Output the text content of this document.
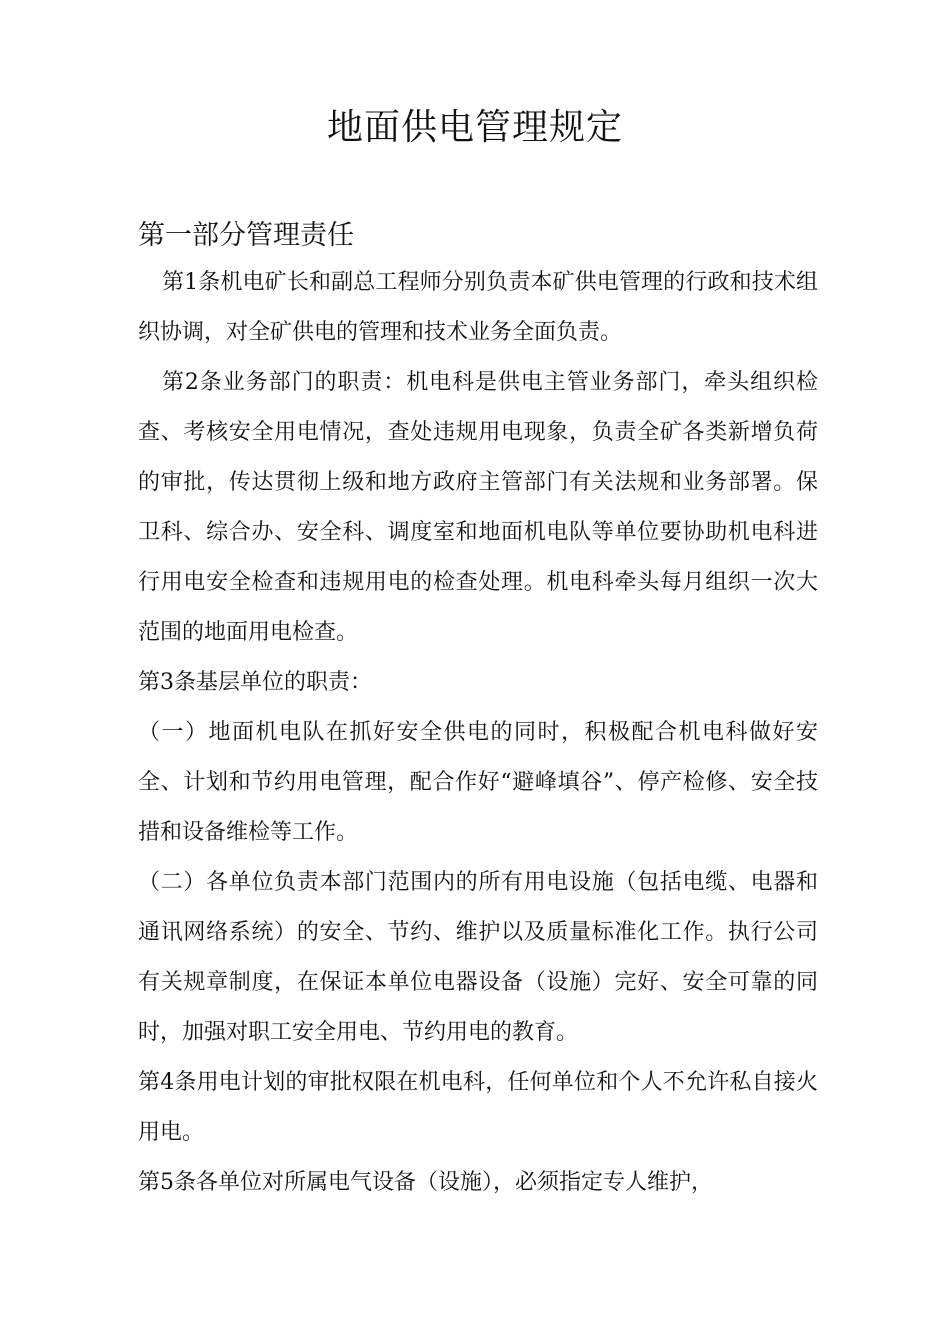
地面供电管理规定
第一部分管理责任

第1条机电矿长和副总工程师分别负责本矿供电管理的行政和技术组织协调，对全矿供电的管理和技术业务全面负责。

第2条业务部门的职责：机电科是供电主管业务部门，牵头组织检查、考核安全用电情况，查处违规用电现象，负责全矿各类新增负荷的审批，传达贯彻上级和地方政府主管部门有关法规和业务部署。保卫科、综合办、安全科、调度室和地面机电队等单位要协助机电科进行用电安全检查和违规用电的检查处理。机电科牵头每月组织一次大范围的地面用电检查。

第3条基层单位的职责：

（一）地面机电队在抓好安全供电的同时，积极配合机电科做好安全、计划和节约用电管理，配合作好“避峰填谷”、停产检修、安全技措和设备维检等工作。

（二）各单位负责本部门范围内的所有用电设施（包括电缆、电器和通讯网络系统）的安全、节约、维护以及质量标准化工作。执行公司有关规章制度，在保证本单位电器设备（设施）完好、安全可靠的同时，加强对职工安全用电、节约用电的教育。

第4条用电计划的审批权限在机电科，任何单位和个人不允许私自接火用电。

第5条各单位对所属电气设备（设施），必须指定专人维护，
